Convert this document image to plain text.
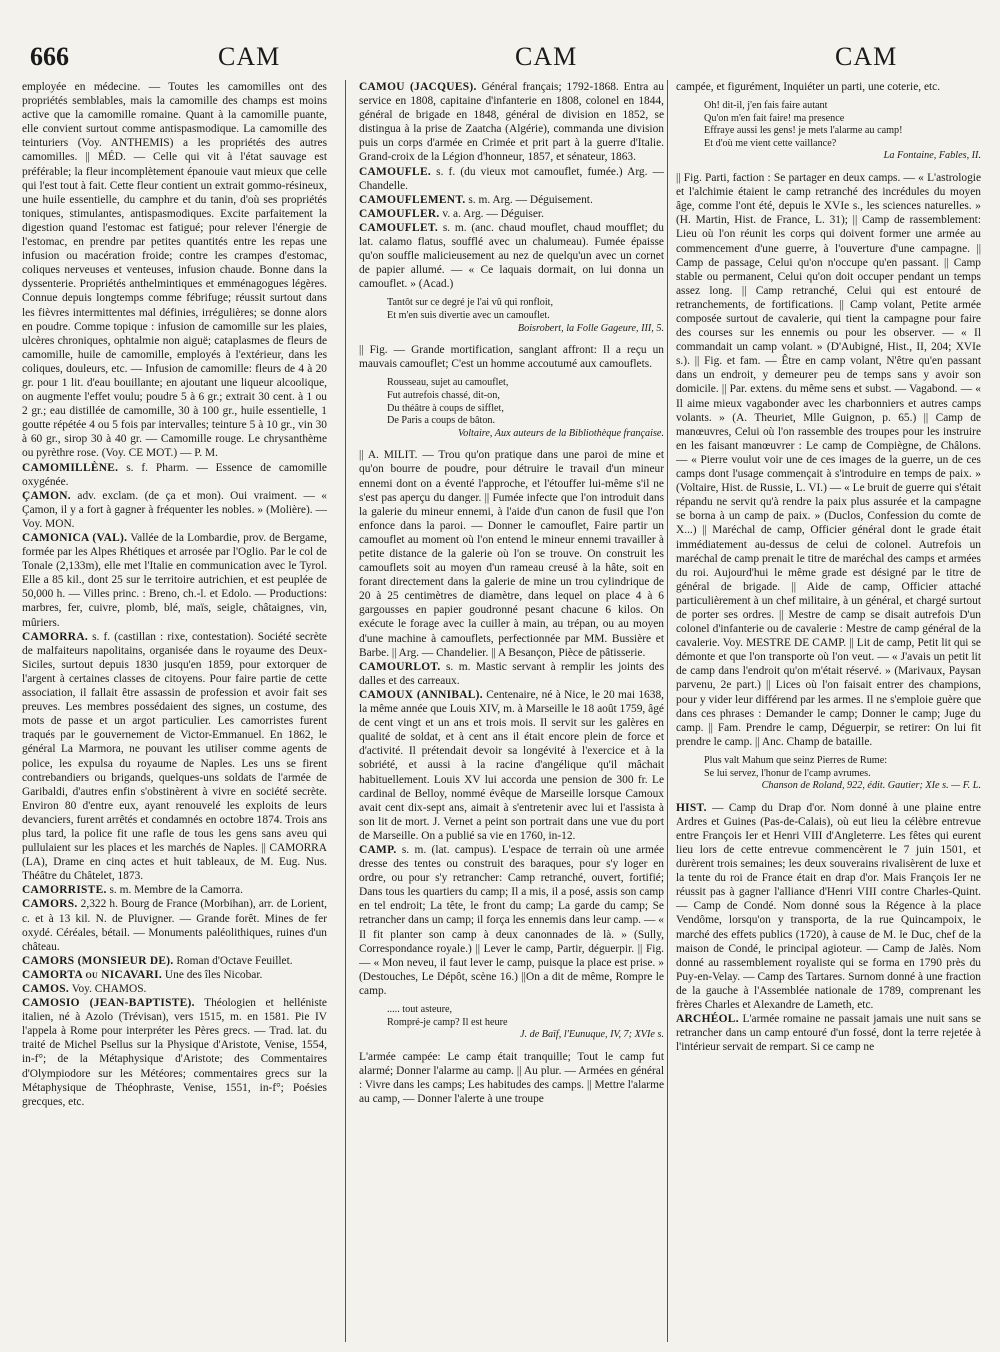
666	CAM	CAM	CAM

employée en médecine. — Toutes les camomilles ont des propriétés semblables, mais la camomille des champs est moins active que la camomille romaine. Quant à la camomille puante, elle convient surtout comme antispasmodique. La camomille des teinturiers (Voy. ANTHEMIS) a les propriétés des autres camomilles. || MÉD. — Celle qui vit à l'état sauvage est préférable; la fleur incomplètement épanouie vaut mieux que celle qui l'est tout à fait. Cette fleur contient un extrait gommo-résineux, une huile essentielle, du camphre et du tanin, d'où ses propriétés toniques, stimulantes, antispasmodiques. Excite parfaitement la digestion quand l'estomac est fatigué; pour relever l'énergie de l'estomac, en prendre par petites quantités entre les repas une infusion ou macération froide; contre les crampes d'estomac, coliques nerveuses et venteuses, infusion chaude. Bonne dans la dyssenterie. Propriétés anthelmintiques et emménagogues légères. Connue depuis longtemps comme fébrifuge; réussit surtout dans les fièvres intermittentes mal définies, irrégulières; se donne alors en poudre. Comme topique : infusion de camomille sur les plaies, ulcères chroniques, ophtalmie non aiguë; cataplasmes de fleurs de camomille, huile de camomille, employés à l'extérieur, dans les coliques, douleurs, etc. — Infusion de camomille: fleurs de 4 à 20 gr. pour 1 lit. d'eau bouillante; en ajoutant une liqueur alcoolique, on augmente l'effet voulu; poudre 5 à 6 gr.; extrait 30 cent. à 1 ou 2 gr.; eau distillée de camomille, 30 à 100 gr., huile essentielle, 1 goutte répétée 4 ou 5 fois par intervalles; teinture 5 à 10 gr., vin 30 à 60 gr., sirop 30 à 40 gr. — Camomille rouge. Le chrysanthème ou pyrèthre rose. (Voy. CE MOT.) — P. M.

CAMOMILLÈNE. s. f. Pharm. — Essence de camomille oxygénée.

ÇAMON. adv. exclam. (de ça et mon). Oui vraiment. — « Çamon, il y a fort à gagner à fréquenter les nobles. » (Molière). — Voy. MON.

CAMONICA (VAL). Vallée de la Lombardie, prov. de Bergame, formée par les Alpes Rhétiques et arrosée par l'Oglio. Par le col de Tonale (2,133m), elle met l'Italie en communication avec le Tyrol. Elle a 85 kil., dont 25 sur le territoire autrichien, et est peuplée de 50,000 h. — Villes princ. : Breno, ch.-l. et Edolo. — Productions: marbres, fer, cuivre, plomb, blé, maïs, seigle, châtaignes, vin, mûriers.

CAMORRA. s. f. (castillan : rixe, contestation). Société secrète de malfaiteurs napolitains, organisée dans le royaume des Deux-Siciles, surtout depuis 1830 jusqu'en 1859, pour extorquer de l'argent à certaines classes de citoyens. Pour faire partie de cette association, il fallait être assassin de profession et avoir fait ses preuves. Les membres possédaient des signes, un costume, des mots de passe et un argot particulier. Les camorristes furent traqués par le gouvernement de Victor-Emmanuel. En 1862, le général La Marmora, ne pouvant les utiliser comme agents de police, les expulsa du royaume de Naples. Les uns se firent contrebandiers ou brigands, quelques-uns soldats de l'armée de Garibaldi, d'autres enfin s'obstinèrent à vivre en société secrète. Environ 80 d'entre eux, ayant renouvelé les exploits de leurs devanciers, furent arrêtés et condamnés en octobre 1874. Trois ans plus tard, la police fit une rafle de tous les gens sans aveu qui pullulaient sur les places et les marchés de Naples. || CAMORRA (LA), Drame en cinq actes et huit tableaux, de M. Eug. Nus. Théâtre du Châtelet, 1873.

CAMORRISTE. s. m. Membre de la Camorra.

CAMORS. 2,322 h. Bourg de France (Morbihan), arr. de Lorient, c. et à 13 kil. N. de Pluvigner. — Grande forêt. Mines de fer oxydé. Céréales, bétail. — Monuments paléolithiques, ruines d'un château.

CAMORS (MONSIEUR DE). Roman d'Octave Feuillet.

CAMORTA ou NICAVARI. Une des îles Nicobar.

CAMOS. Voy. CHAMOS.

CAMOSIO (JEAN-BAPTISTE). Théologien et helléniste italien, né à Azolo (Trévisan), vers 1515, m. en 1581. Pie IV l'appela à Rome pour interpréter les Pères grecs. — Trad. lat. du traité de Michel Psellus sur la Physique d'Aristote, Venise, 1554, in-f°; de la Métaphysique d'Aristote; des Commentaires d'Olympiodore sur les Météores; commentaires grecs sur la Métaphysique de Théophraste, Venise, 1551, in-f°; Poésies grecques, etc.

CAMOU (JACQUES). Général français; 1792-1868. Entra au service en 1808, capitaine d'infanterie en 1808, colonel en 1844, général de brigade en 1848, général de division en 1852, se distingua à la prise de Zaatcha (Algérie), commanda une division puis un corps d'armée en Crimée et prit part à la guerre d'Italie. Grand-croix de la Légion d'honneur, 1857, et sénateur, 1863.

CAMOUFLE. s. f. (du vieux mot camouflet, fumée.) Arg. — Chandelle.

CAMOUFLEMENT. s. m. Arg. — Déguisement.

CAMOUFLER. v. a. Arg. — Déguiser.

CAMOUFLET. s. m. (anc. chaud mouflet, chaud moufflet; du lat. calamo flatus, soufflé avec un chalumeau). Fumée épaisse qu'on souffle malicieusement au nez de quelqu'un avec un cornet de papier allumé. — « Ce laquais dormait, on lui donna un camouflet. » (Acad.)

Tantôt sur ce degré je l'ai vû qui ronfloit,
Et m'en suis divertie avec un camouflet.
Boisrobert, la Folle Gageure, III, 5.

|| Fig. — Grande mortification, sanglant affront: Il a reçu un mauvais camouflet; C'est un homme accoutumé aux camouflets.

Rousseau, sujet au camouflet,
Fut autrefois chassé, dit-on,
Du théâtre à coups de sifflet,
De Paris a coups de bâton.
Voltaire, Aux auteurs de la Bibliothèque française.

|| A. MILIT. — Trou qu'on pratique dans une paroi de mine et qu'on bourre de poudre, pour détruire le travail d'un mineur ennemi dont on a éventé l'approche, et l'étouffer lui-même s'il ne s'est pas aperçu du danger. || Fumée infecte que l'on introduit dans la galerie du mineur ennemi, à l'aide d'un canon de fusil que l'on enfonce dans la paroi. — Donner le camouflet, Faire partir un camouflet au moment où l'on entend le mineur ennemi travailler à petite distance de la galerie où l'on se trouve. On construit les camouflets soit au moyen d'un rameau creusé à la hâte, soit en forant directement dans la galerie de mine un trou cylindrique de 20 à 25 centimètres de diamètre, dans lequel on place 4 à 6 gargousses en papier goudronné pesant chacune 6 kilos. On exécute le forage avec la cuiller à main, au trépan, ou au moyen d'une machine à camouflets, perfectionnée par MM. Bussière et Barbe. || Arg. — Chandelier. || A Besançon, Pièce de pâtisserie.

CAMOURLOT. s. m. Mastic servant à remplir les joints des dalles et des carreaux.

CAMOUX (ANNIBAL). Centenaire, né à Nice, le 20 mai 1638, la même année que Louis XIV, m. à Marseille le 18 août 1759, âgé de cent vingt et un ans et trois mois. Il servit sur les galères en qualité de soldat, et à cent ans il était encore plein de force et d'activité. Il prétendait devoir sa longévité à l'exercice et à la sobriété, et aussi à la racine d'angélique qu'il mâchait habituellement. Louis XV lui accorda une pension de 300 fr. Le cardinal de Belloy, nommé évêque de Marseille lorsque Camoux avait cent dix-sept ans, aimait à s'entretenir avec lui et l'assista à son lit de mort. J. Vernet a peint son portrait dans une vue du port de Marseille. On a publié sa vie en 1760, in-12.

CAMP. s. m. (lat. campus). L'espace de terrain où une armée dresse des tentes ou construit des baraques, pour s'y loger en ordre, ou pour s'y retrancher: Camp retranché, ouvert, fortifié; Dans tous les quartiers du camp; Il a mis, il a posé, assis son camp en tel endroit; La tête, le front du camp; La garde du camp; Se retrancher dans un camp; il força les ennemis dans leur camp. — « Il fit planter son camp à deux canonnades de là. » (Sully, Correspondance royale.) || Lever le camp, Partir, déguerpir. || Fig. — « Mon neveu, il faut lever le camp, puisque la place est prise. » (Destouches, Le Dépôt, scène 16.) ||On a dit de même, Rompre le camp.

..... tout asteure,
Rompré-je camp? Il est heure
J. de Baïf, l'Eunuque, IV, 7; XVIe s.

L'armée campée: Le camp était tranquille; Tout le camp fut alarmé; Donner l'alarme au camp. || Au plur. — Armées en général : Vivre dans les camps; Les habitudes des camps. || Mettre l'alarme au camp, — Donner l'alerte à une troupe

campée, et figurément, Inquiéter un parti, une coterie, etc.

Oh! dit-il, j'en fais faire autant
Qu'on m'en fait faire! ma presence
Effraye aussi les gens! je mets l'alarme au camp!
Et d'où me vient cette vaillance?
La Fontaine, Fables, II.

|| Fig. Parti, faction : Se partager en deux camps. — « L'astrologie et l'alchimie étaient le camp retranché des incrédules du moyen âge, comme l'ont été, depuis le XVIe s., les sciences naturelles. » (H. Martin, Hist. de France, L. 31); || Camp de rassemblement: Lieu où l'on réunit les corps qui doivent former une armée au commencement d'une guerre, à l'ouverture d'une campagne. || Camp de passage, Celui qu'on n'occupe qu'en passant. || Camp stable ou permanent, Celui qu'on doit occuper pendant un temps assez long. || Camp retranché, Celui qui est entouré de retranchements, de fortifications. || Camp volant, Petite armée composée surtout de cavalerie, qui tient la campagne pour faire des courses sur les ennemis ou pour les observer. — « Il commandait un camp volant. » (D'Aubigné, Hist., II, 204; XVIe s.). || Fig. et fam. — Être en camp volant, N'être qu'en passant dans un endroit, y demeurer peu de temps sans y avoir son domicile. || Par. extens. du même sens et subst. — Vagabond. — « Il aime mieux vagabonder avec les charbonniers et autres camps volants. » (A. Theuriet, Mlle Guignon, p. 65.) || Camp de manœuvres, Celui où l'on rassemble des troupes pour les instruire en les faisant manœuvrer : Le camp de Compiègne, de Châlons. — « Pierre voulut voir une de ces images de la guerre, un de ces camps dont l'usage commençait à s'introduire en temps de paix. » (Voltaire, Hist. de Russie, L. VI.) — « Le bruit de guerre qui s'était répandu ne servit qu'à rendre la paix plus assurée et la campagne se borna à un camp de paix. » (Duclos, Confession du comte de X...) || Maréchal de camp, Officier général dont le grade était immédiatement au-dessus de celui de colonel. Autrefois un maréchal de camp prenait le titre de maréchal des camps et armées du roi. Aujourd'hui le même grade est désigné par le titre de général de brigade. || Aide de camp, Officier attaché particulièrement à un chef militaire, à un général, et chargé surtout de porter ses ordres. || Mestre de camp se disait autrefois D'un colonel d'infanterie ou de cavalerie : Mestre de camp général de la cavalerie. Voy. MESTRE DE CAMP. || Lit de camp, Petit lit qui se démonte et que l'on transporte où l'on veut. — « J'avais un petit lit de camp dans l'endroit qu'on m'était réservé. » (Marivaux, Paysan parvenu, 2e part.) || Lices où l'on faisait entrer des champions, pour y vider leur différend par les armes. Il ne s'emploie guère que dans ces phrases : Demander le camp; Donner le camp; Juge du camp. || Fam. Prendre le camp, Déguerpir, se retirer: On lui fit prendre le camp. || Anc. Champ de bataille.

Plus valt Mahum que seinz Pierres de Rume:
Se lui servez, l'honur de l'camp avrumes.
Chanson de Roland, 922, édit. Gautier; XIe s. — F. L.

HIST. — Camp du Drap d'or. Nom donné à une plaine entre Ardres et Guines (Pas-de-Calais), où eut lieu la célèbre entrevue entre François Ier et Henri VIII d'Angleterre. Les fêtes qui eurent lieu lors de cette entrevue commencèrent le 7 juin 1501, et durèrent trois semaines; les deux souverains rivalisèrent de luxe et la tente du roi de France était en drap d'or. Mais François Ier ne réussit pas à gagner l'alliance d'Henri VIII contre Charles-Quint. — Camp de Condé. Nom donné sous la Régence à la place Vendôme, lorsqu'on y transporta, de la rue Quincampoix, le marché des effets publics (1720), à cause de M. le Duc, chef de la maison de Condé, le principal agioteur. — Camp de Jalès. Nom donné au rassemblement royaliste qui se forma en 1790 près du Puy-en-Velay. — Camp des Tartares. Surnom donné à une fraction de la gauche à l'Assemblée nationale de 1789, comprenant les frères Charles et Alexandre de Lameth, etc.

ARCHÉOL. L'armée romaine ne passait jamais une nuit sans se retrancher dans un camp entouré d'un fossé, dont la terre rejetée à l'intérieur servait de rempart. Si ce camp ne
